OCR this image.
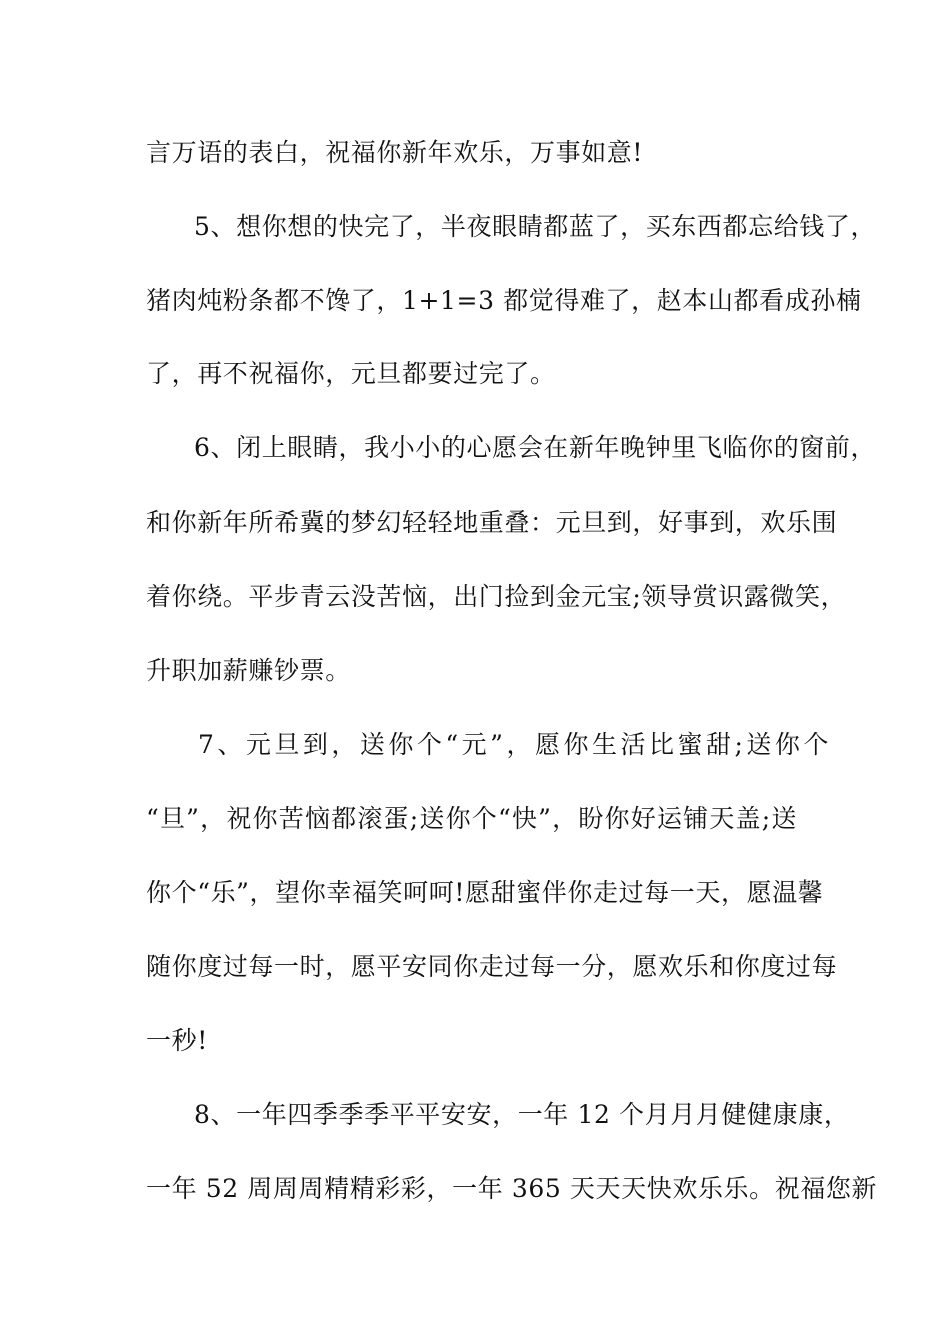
言万语的表白，祝福你新年欢乐，万事如意!
5、想你想的快完了，半夜眼睛都蓝了，买东西都忘给钱了，
猪肉炖粉条都不馋了，1+1=3 都觉得难了，赵本山都看成孙楠
了，再不祝福你，元旦都要过完了。
6、闭上眼睛，我小小的心愿会在新年晚钟里飞临你的窗前，
和你新年所希冀的梦幻轻轻地重叠：元旦到，好事到，欢乐围
着你绕。平步青云没苦恼，出门捡到金元宝;领导赏识露微笑，
升职加薪赚钞票。
7、元旦到，送你个“元”，愿你生活比蜜甜;送你个
“旦”，祝你苦恼都滚蛋;送你个“快”，盼你好运铺天盖;送
你个“乐”，望你幸福笑呵呵!愿甜蜜伴你走过每一天，愿温馨
随你度过每一时，愿平安同你走过每一分，愿欢乐和你度过每
一秒!
8、一年四季季季平平安安，一年 12 个月月月健健康康，
一年 52 周周周精精彩彩，一年 365 天天天快欢乐乐。祝福您新
